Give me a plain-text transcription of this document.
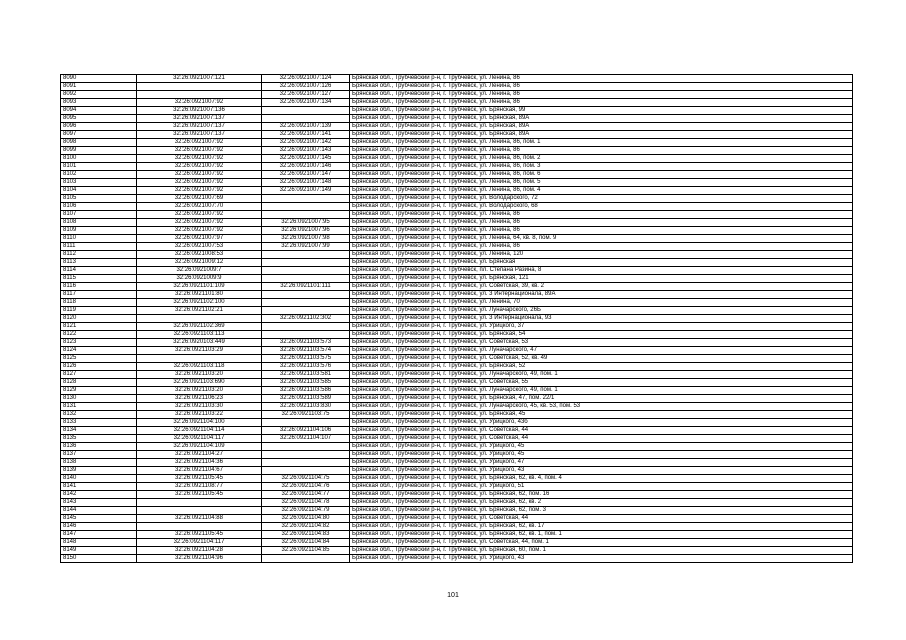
8090	32:26:0921007:121	32:26:0921007:124	Брянская обл., Трубчевский р-н, г. Трубчевск, ул. Ленина, 86
8091		32:26:0921007:126	Брянская обл., Трубчевский р-н, г. Трубчевск, ул. Ленина, 86
8092		32:26:0921007:127	Брянская обл., Трубчевский р-н, г. Трубчевск, ул. Ленина, 86
8093	32:26:0921007:92	32:26:0921007:134	Брянская обл., Трубчевский р-н, г. Трубчевск, ул. Ленина, 86
8094	32:26:0921007:136		Брянская обл., Трубчевский р-н, г. Трубчевск, ул. Брянская, 99
8095	32:26:0921007:137		Брянская обл., Трубчевский р-н, г. Трубчевск, ул. Брянская, 89А
8096	32:26:0921007:137	32:26:0921007:139	Брянская обл., Трубчевский р-н, г. Трубчевск, ул. Брянская, 89А
8097	32:26:0921007:137	32:26:0921007:141	Брянская обл., Трубчевский р-н, г. Трубчевск, ул. Брянская, 89А
8098	32:26:0921007:92	32:26:0921007:142	Брянская обл., Трубчевский р-н, г. Трубчевск, ул. Ленина, 86, пом. 1
8099	32:26:0921007:92	32:26:0921007:143	Брянская обл., Трубчевский р-н, г. Трубчевск, ул. Ленина, 86
8100	32:26:0921007:92	32:26:0921007:145	Брянская обл., Трубчевский р-н, г. Трубчевск, ул. Ленина, 86, пом. 2
8101	32:26:0921007:92	32:26:0921007:146	Брянская обл., Трубчевский р-н, г. Трубчевск, ул. Ленина, 86, пом. 3
8102	32:26:0921007:92	32:26:0921007:147	Брянская обл., Трубчевский р-н, г. Трубчевск, ул. Ленина, 86, пом. 6
8103	32:26:0921007:92	32:26:0921007:148	Брянская обл., Трубчевский р-н, г. Трубчевск, ул. Ленина, 86, пом. 5
8104	32:26:0921007:92	32:26:0921007:149	Брянская обл., Трубчевский р-н, г. Трубчевск, ул. Ленина, 86, пом. 4
8105	32:26:0921007:69		Брянская обл., Трубчевский р-н, г. Трубчевск, ул. Володарского, 72
8106	32:26:0921007:70		Брянская обл., Трубчевский р-н, г. Трубчевск, ул. Володарского, 68
8107	32:26:0921007:92		Брянская обл., Трубчевский р-н, г. Трубчевск, ул. Ленина, 86
8108	32:26:0921007:92	32:26:0921007:95	Брянская обл., Трубчевский р-н, г. Трубчевск, ул. Ленина, 86
8109	32:26:0921007:92	32:26:0921007:96	Брянская обл., Трубчевский р-н, г. Трубчевск, ул. Ленина, 86
8110	32:26:0921007:97	32:26:0921007:98	Брянская обл., Трубчевский р-н, г. Трубчевск, ул. Ленина, 64, кв. 8, пом. 9
8111	32:26:0921007:53	32:26:0921007:99	Брянская обл., Трубчевский р-н, г. Трубчевск, ул. Ленина, 86
8112	32:26:0921008:53		Брянская обл., Трубчевский р-н, г. Трубчевск, ул. Ленина, 120
8113	32:26:0921009:12		Брянская обл., Трубчевский р-н, г. Трубчевск, ул. Брянская
8114	32:26:0921009:7		Брянская обл., Трубчевский р-н, г. Трубчевск, пл. Степана Разина, 8
8115	32:26:0921009:9		Брянская обл., Трубчевский р-н, г. Трубчевск, ул. Брянская, 121
8116	32:26:0921101:109	32:26:0921101:111	Брянская обл., Трубчевский р-н, г. Трубчевск, ул. Советская, 39, кв. 2
8117	32:26:0921101:80		Брянская обл., Трубчевский р-н, г. Трубчевск, ул. 3 Интернационала, 89А
8118	32:26:0921102:100		Брянская обл., Трубчевский р-н, г. Трубчевск, ул. Ленина, 70
8119	32:26:0921102:21		Брянская обл., Трубчевский р-н, г. Трубчевск, ул. Луначарского, 26Б
8120		32:26:0921102:302	Брянская обл., Трубчевский р-н, г. Трубчевск, ул. 3 Интернационала, 93
8121	32:26:0921102:369		Брянская обл., Трубчевский р-н, г. Трубчевск, ул. Урицкого, 37
8122	32:26:0921103:113		Брянская обл., Трубчевский р-н, г. Трубчевск, ул. Брянская, 54
8123	32:26:0920103:449	32:26:0921103:573	Брянская обл., Трубчевский р-н, г. Трубчевск, ул. Советская, 53
8124	32:26:0921103:29	32:26:0921103:574	Брянская обл., Трубчевский р-н, г. Трубчевск, ул. Луначарского, 47
8125		32:26:0921103:575	Брянская обл., Трубчевский р-н, г. Трубчевск, ул. Советская, 52, кв. 49
8126	32:26:0921103:118	32:26:0921103:576	Брянская обл., Трубчевский р-н, г. Трубчевск, ул. Брянская, 52
8127	32:26:0921103:20	32:26:0921103:581	Брянская обл., Трубчевский р-н, г. Трубчевск, ул. Луначарского, 49, пом. 1
8128	32:26:0921103:690	32:26:0921103:585	Брянская обл., Трубчевский р-н, г. Трубчевск, ул. Советская, 55
8129	32:26:0921103:20	32:26:0921103:586	Брянская обл., Трубчевский р-н, г. Трубчевск, ул. Луначарского, 49, пом. 1
8130	32:26:0921106:23	32:26:0921103:589	Брянская обл., Трубчевский р-н, г. Трубчевск, ул. Брянская, 47, пом. 22/1
8131	32:26:0921103:30	32:26:0921103:830	Брянская обл., Трубчевский р-н, г. Трубчевск, ул. Луначарского, 45, кв. 53, пом. 53
8132	32:26:0921103:22	32:26:0921103:75	Брянская обл., Трубчевский р-н, г. Трубчевск, ул. Брянская, 45
8133	32:26:0921104:100		Брянская обл., Трубчевский р-н, г. Трубчевск, ул. Урицкого, 43б
8134	32:26:0921104:114	32:26:0921104:106	Брянская обл., Трубчевский р-н, г. Трубчевск, ул. Советская, 44
8135	32:26:0921104:117	32:26:0921104:107	Брянская обл., Трубчевский р-н, г. Трубчевск, ул. Советская, 44
8136	32:26:0921104:109		Брянская обл., Трубчевский р-н, г. Трубчевск, ул. Урицкого, 45
8137	32:26:0921104:27		Брянская обл., Трубчевский р-н, г. Трубчевск, ул. Урицкого, 45
8138	32:26:0921104:36		Брянская обл., Трубчевский р-н, г. Трубчевск, ул. Урицкого, 47
8139	32:26:0921104:67		Брянская обл., Трубчевский р-н, г. Трубчевск, ул. Урицкого, 43
8140	32:26:0921105:45	32:26:0921104:75	Брянская обл., Трубчевский р-н, г. Трубчевск, ул. Брянская, 62, кв. 4, пом. 4
8141	32:26:0921108:77	32:26:0921104:76	Брянская обл., Трубчевский р-н, г. Трубчевск, ул. Урицкого, 51
8142	32:26:0921105:45	32:26:0921104:77	Брянская обл., Трубчевский р-н, г. Трубчевск, ул. Брянская, 62, пом. 16
8143		32:26:0921104:78	Брянская обл., Трубчевский р-н, г. Трубчевск, ул. Брянская, 62, кв. 2
8144		32:26:0921104:79	Брянская обл., Трубчевский р-н, г. Трубчевск, ул. Брянская, 62, пом. 3
8145	32:26:0921104:88	32:26:0921104:80	Брянская обл., Трубчевский р-н, г. Трубчевск, ул. Советская, 44
8146		32:26:0921104:82	Брянская обл., Трубчевский р-н, г. Трубчевск, ул. Брянская, 62, кв. 17
8147	32:26:0921105:45	32:26:0921104:83	Брянская обл., Трубчевский р-н, г. Трубчевск, ул. Брянская, 62, кв. 1, пом. 1
8148	32:26:0921104:117	32:26:0921104:84	Брянская обл., Трубчевский р-н, г. Трубчевск, ул. Советская, 44, пом. 1
8149	32:26:0921104:28	32:26:0921104:85	Брянская обл., Трубчевский р-н, г. Трубчевск, ул. Брянская, 60, пом. 1
8150	32:26:0921104:96		Брянская обл., Трубчевский р-н, г. Трубчевск, ул. Урицкого, 43
101
